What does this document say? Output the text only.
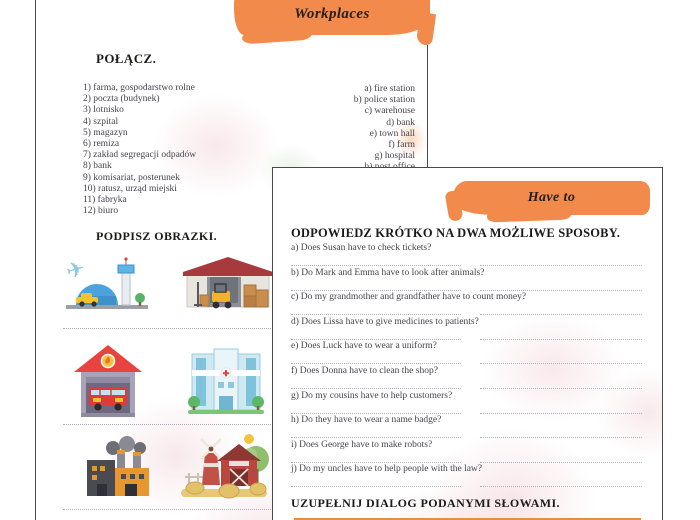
Workplaces
POŁĄCZ.
1) farma, gospodarstwo rolne
2) poczta (budynek)
3) lotnisko
4) szpital
5) magazyn
6) remiza
7) zakład segregacji odpadów
8) bank
9) komisariat, posterunek
10) ratusz, urząd miejski
11) fabryka
12) biuro
a) fire station
b) police station
c) warehouse
d) bank
e) town hall
f) farm
g) hospital
PODPISZ OBRAZKI.
✈
Have to
ODPOWIEDZ KRÓTKO NA DWA MOŻLIWE SPOSOBY.
a) Does Susan have to check tickets?
b) Do Mark and Emma have to look after animals?
c) Do my grandmother and grandfather have to count money?
d) Does Lissa have to give medicines to patients?
e) Does Luck have to wear a uniform?
f) Does Donna have to clean the shop?
g) Do my cousins have to help customers?
h) Do they have to wear a name badge?
i) Does George have to make robots?
j) Do my uncles have to help people with the law?
UZUPEŁNIJ DIALOG PODANYMI SŁOWAMI.
